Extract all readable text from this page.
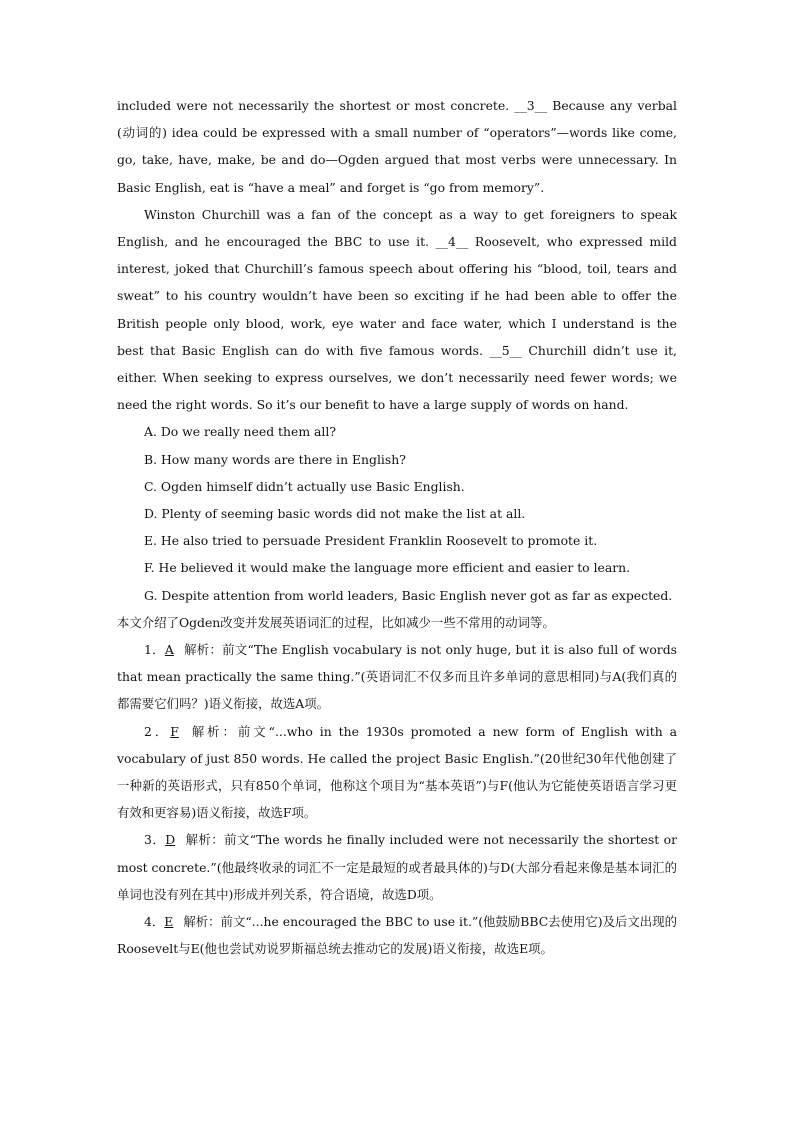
included were not necessarily the shortest or most concrete. __3__ Because any verbal (动词的) idea could be expressed with a small number of “operators”—words like come, go, take, have, make, be and do—Ogden argued that most verbs were unnecessary. In Basic English, eat is “have a meal” and forget is “go from memory”.

Winston Churchill was a fan of the concept as a way to get foreigners to speak English, and he encouraged the BBC to use it. __4__ Roosevelt, who expressed mild interest, joked that Churchill’s famous speech about offering his “blood, toil, tears and sweat” to his country wouldn’t have been so exciting if he had been able to offer the British people only blood, work, eye water and face water, which I understand is the best that Basic English can do with five famous words. __5__ Churchill didn’t use it, either. When seeking to express ourselves, we don’t necessarily need fewer words; we need the right words. So it’s our benefit to have a large supply of words on hand.

A. Do we really need them all?

B. How many words are there in English?

C. Ogden himself didn’t actually use Basic English.

D. Plenty of seeming basic words did not make the list at all.

E. He also tried to persuade President Franklin Roosevelt to promote it.

F. He believed it would make the language more efficient and easier to learn.

G. Despite attention from world leaders, Basic English never got as far as expected.

本文介绍了Ogden改变并发展英语词汇的过程，比如减少一些不常用的动词等。

1．A 解析：前文“The English vocabulary is not only huge, but it is also full of words that mean practically the same thing.”(英语词汇不仅多而且许多单词的意思相同)与A(我们真的都需要它们吗？)语义衔接，故选A项。

2．F 解析：前文“...who in the 1930s promoted a new form of English with a vocabulary of just 850 words. He called the project Basic English.”(20世纪30年代他创建了一种新的英语形式，只有850个单词，他称这个项目为“基本英语”)与F(他认为它能使英语语言学习更有效和更容易)语义衔接，故选F项。

3．D 解析：前文“The words he finally included were not necessarily the shortest or most concrete.”(他最终收录的词汇不一定是最短的或者最具体的)与D(大部分看起来像是基本词汇的单词也没有列在其中)形成并列关系，符合语境，故选D项。

4．E 解析：前文“...he encouraged the BBC to use it.”(他鼓励BBC去使用它)及后文出现的Roosevelt与E(他也尝试劝说罗斯福总统去推动它的发展)语义衔接，故选E项。
